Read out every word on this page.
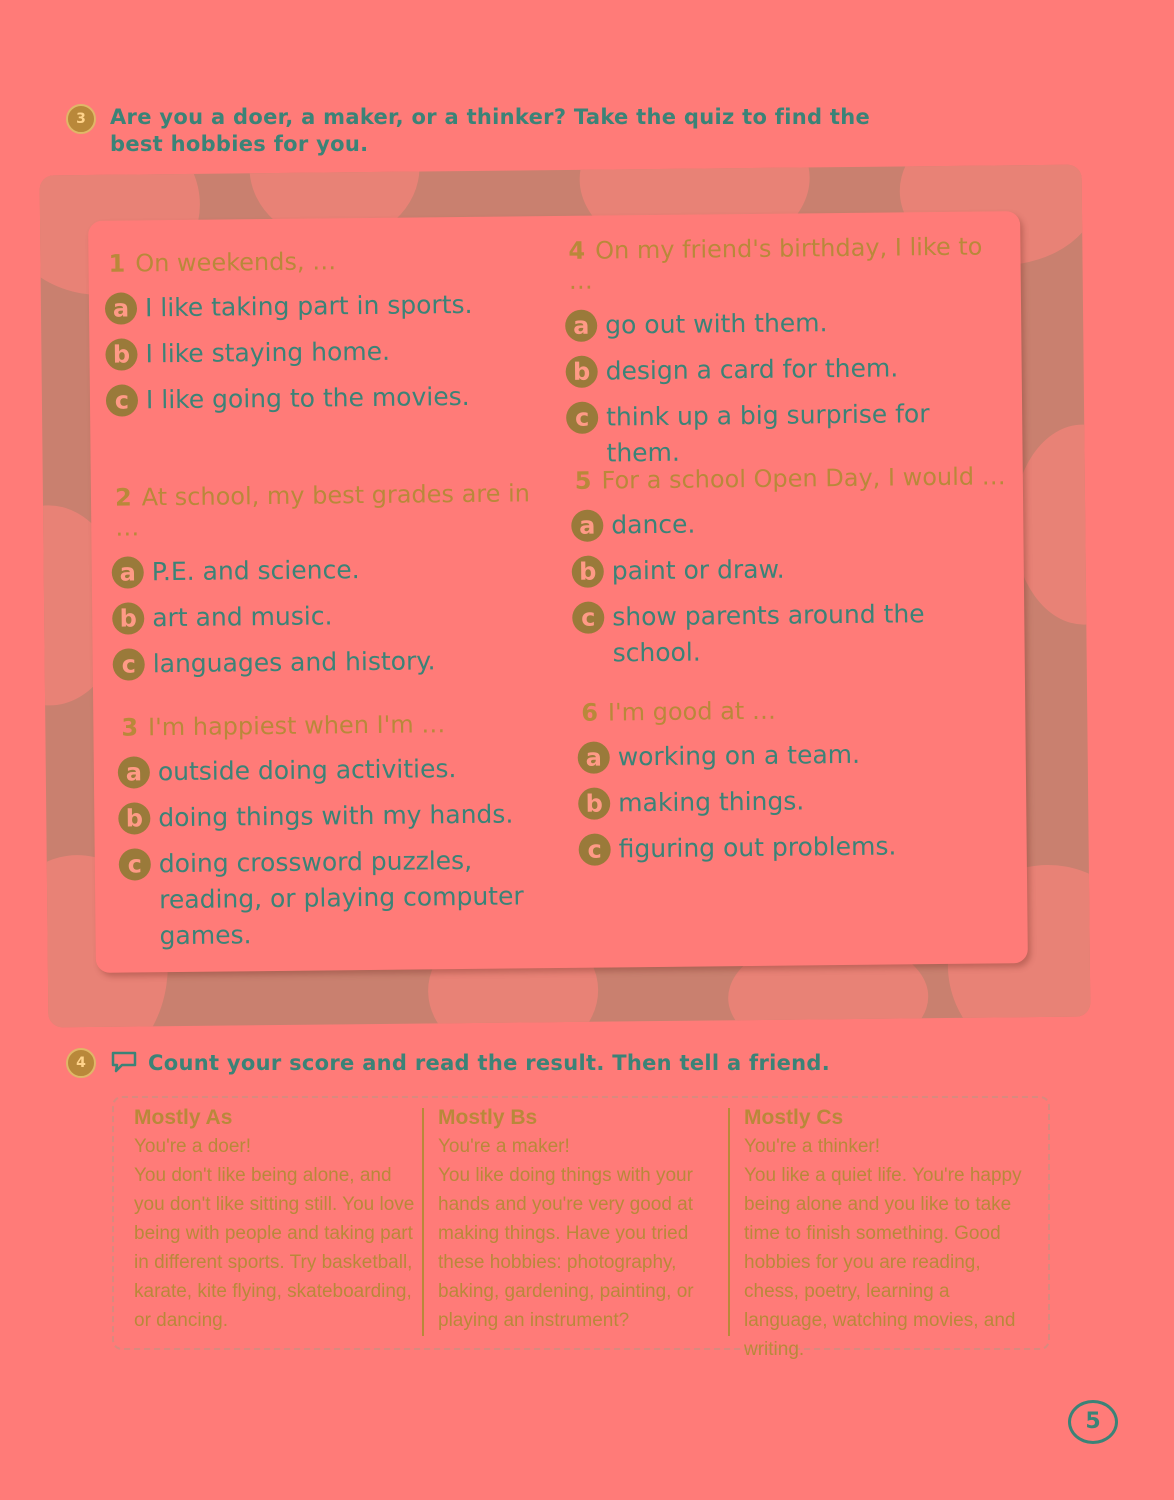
3 Are you a doer, a maker, or a thinker? Take the quiz to find the
best hobbies for you.

1 On weekends, …

a I like taking part in sports.
b I like staying home.
c I like going to the movies.

2 At school, my best grades are in …

a P.E. and science.
b art and music.
c languages and history.

3 I'm happiest when I'm …

a outside doing activities.
b doing things with my hands.
c doing crossword puzzles, reading, or playing computer games.

4 On my friend's birthday, I like to …

a go out with them.
b design a card for them.
c think up a big surprise for them.

5 For a school Open Day, I would …

a dance.
b paint or draw.
c show parents around the school.

6 I'm good at …

a working on a team.
b making things.
c figuring out problems.
4	Count your score and read the result. Then tell a friend.
Mostly As

You're a doer!

You don't like being alone, and you don't like sitting still. You love being with people and taking part in different sports. Try basketball, karate, kite flying, skateboarding, or dancing.

Mostly Bs

You're a maker!

You like doing things with your hands and you're very good at making things. Have you tried these hobbies: photography, baking, gardening, painting, or playing an instrument?

Mostly Cs

You're a thinker!

You like a quiet life. You're happy being alone and you like to take time to finish something. Good hobbies for you are reading, chess, poetry, learning a language, watching movies, and writing.

5
